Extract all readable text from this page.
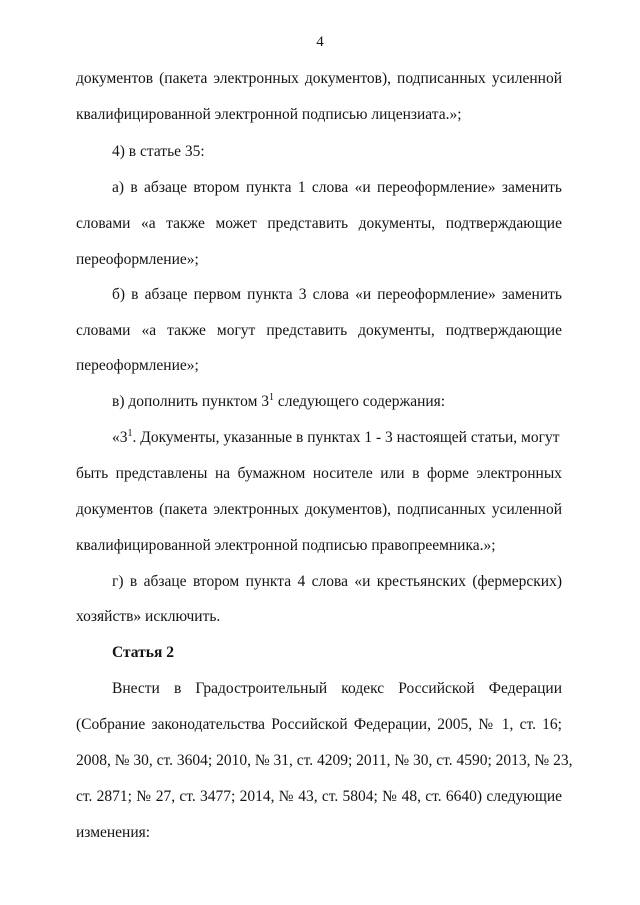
4
документов (пакета электронных документов), подписанных усиленной
квалифицированной электронной подписью лицензиата.»;
4) в статье 35:
а) в абзаце втором пункта 1 слова «и переоформление» заменить
словами «а также может представить документы, подтверждающие
переоформление»;
б) в абзаце первом пункта 3 слова «и переоформление» заменить
словами «а также могут представить документы, подтверждающие
переоформление»;
в) дополнить пунктом $3^1$ следующего содержания:
«$3^1$. Документы, указанные в пунктах 1 - 3 настоящей статьи, могут
быть представлены на бумажном носителе или в форме электронных
документов (пакета электронных документов), подписанных усиленной
квалифицированной электронной подписью правопреемника.»;
г) в абзаце втором пункта 4 слова «и крестьянских (фермерских)
хозяйств» исключить.
Статья 2
Внести в Градостроительный кодекс Российской Федерации
(Собрание законодательства Российской Федерации, 2005, № 1, ст. 16;
2008, № 30, ст. 3604; 2010, № 31, ст. 4209; 2011, № 30, ст. 4590; 2013, № 23,
ст. 2871; № 27, ст. 3477; 2014, № 43, ст. 5804; № 48, ст. 6640) следующие
изменения:
